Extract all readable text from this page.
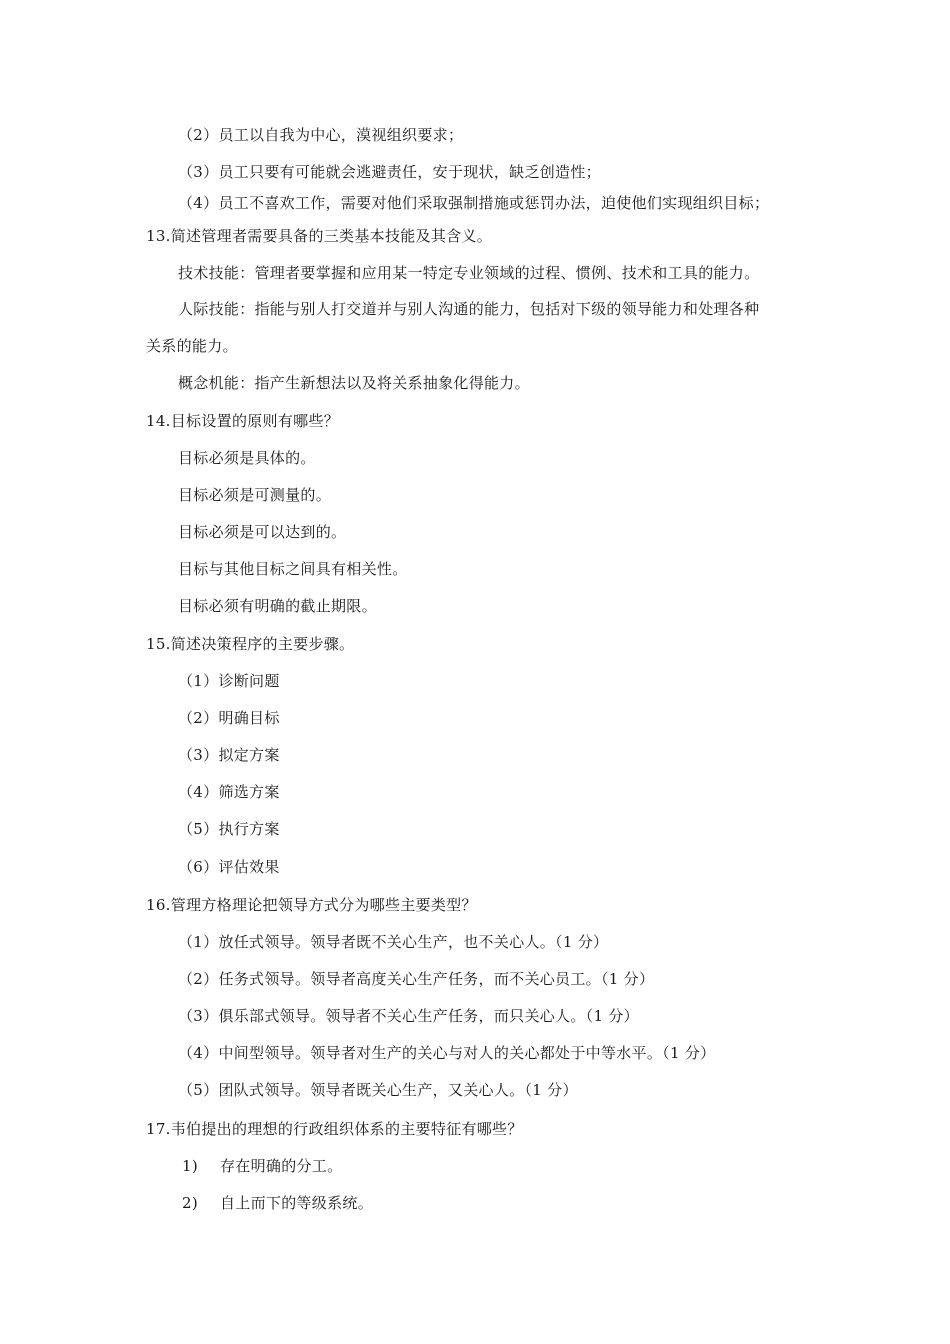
（2）员工以自我为中心，漠视组织要求；
（3）员工只要有可能就会逃避责任，安于现状，缺乏创造性；
（4）员工不喜欢工作，需要对他们采取强制措施或惩罚办法，迫使他们实现组织目标；
13.简述管理者需要具备的三类基本技能及其含义。
技术技能：管理者要掌握和应用某一特定专业领域的过程、惯例、技术和工具的能力。
人际技能：指能与别人打交道并与别人沟通的能力，包括对下级的领导能力和处理各种
关系的能力。
概念机能：指产生新想法以及将关系抽象化得能力。
14.目标设置的原则有哪些？
目标必须是具体的。
目标必须是可测量的。
目标必须是可以达到的。
目标与其他目标之间具有相关性。
目标必须有明确的截止期限。
15.简述决策程序的主要步骤。
（1）诊断问题
（2）明确目标
（3）拟定方案
（4）筛选方案
（5）执行方案
（6）评估效果
16.管理方格理论把领导方式分为哪些主要类型？
（1）放任式领导。领导者既不关心生产，也不关心人。（1 分）
（2）任务式领导。领导者高度关心生产任务，而不关心员工。（1 分）
（3）俱乐部式领导。领导者不关心生产任务，而只关心人。（1 分）
（4）中间型领导。领导者对生产的关心与对人的关心都处于中等水平。（1 分）
（5）团队式领导。领导者既关心生产，又关心人。（1 分）
17.韦伯提出的理想的行政组织体系的主要特征有哪些？
1) 存在明确的分工。
2) 自上而下的等级系统。
